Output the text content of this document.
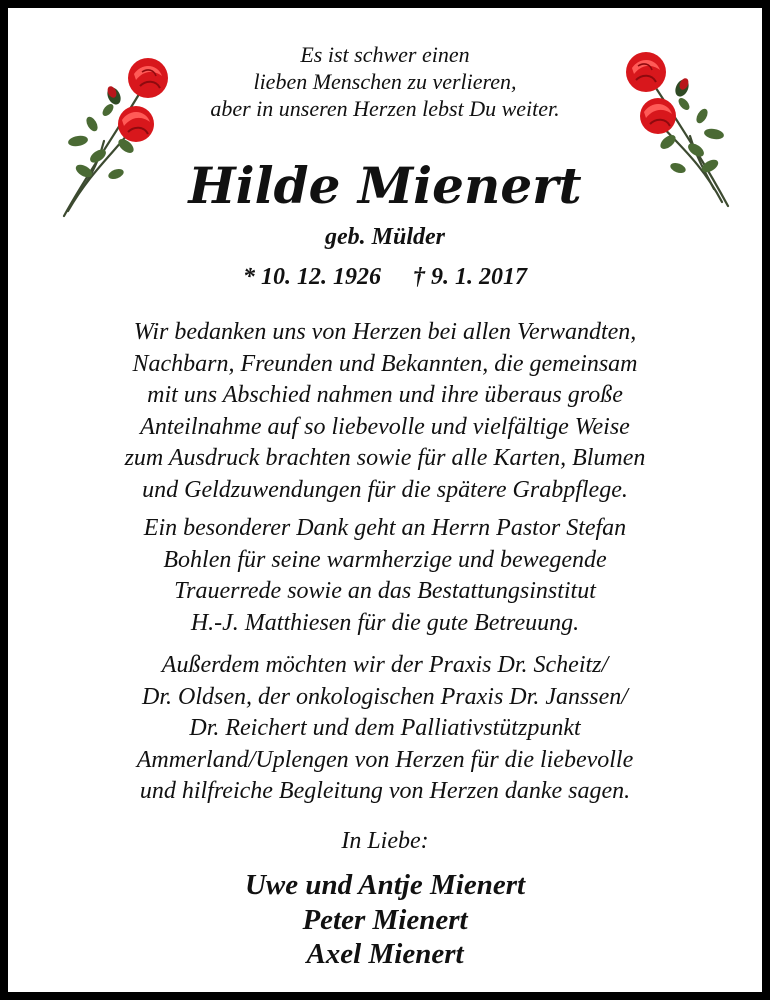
Es ist schwer einen

lieben Menschen zu verlieren,

aber in unseren Herzen lebst Du weiter.

Hilde Mienert
geb. Mülder
* 10. 12. 1926 † 9. 1. 2017

Wir bedanken uns von Herzen bei allen Verwandten,

Nachbarn, Freunden und Bekannten, die gemeinsam

mit uns Abschied nahmen und ihre überaus große

Anteilnahme auf so liebevolle und vielfältige Weise

zum Ausdruck brachten sowie für alle Karten, Blumen

und Geldzuwendungen für die spätere Grabpflege.

Ein besonderer Dank geht an Herrn Pastor Stefan

Bohlen für seine warmherzige und bewegende

Trauerrede sowie an das Bestattungsinstitut

H.-J. Matthiesen für die gute Betreuung.

Außerdem möchten wir der Praxis Dr. Scheitz/

Dr. Oldsen, der onkologischen Praxis Dr. Janssen/

Dr. Reichert und dem Palliativstützpunkt

Ammerland/Uplengen von Herzen für die liebevolle

und hilfreiche Begleitung von Herzen danke sagen.

In Liebe:

Uwe und Antje Mienert

Peter Mienert

Axel Mienert
